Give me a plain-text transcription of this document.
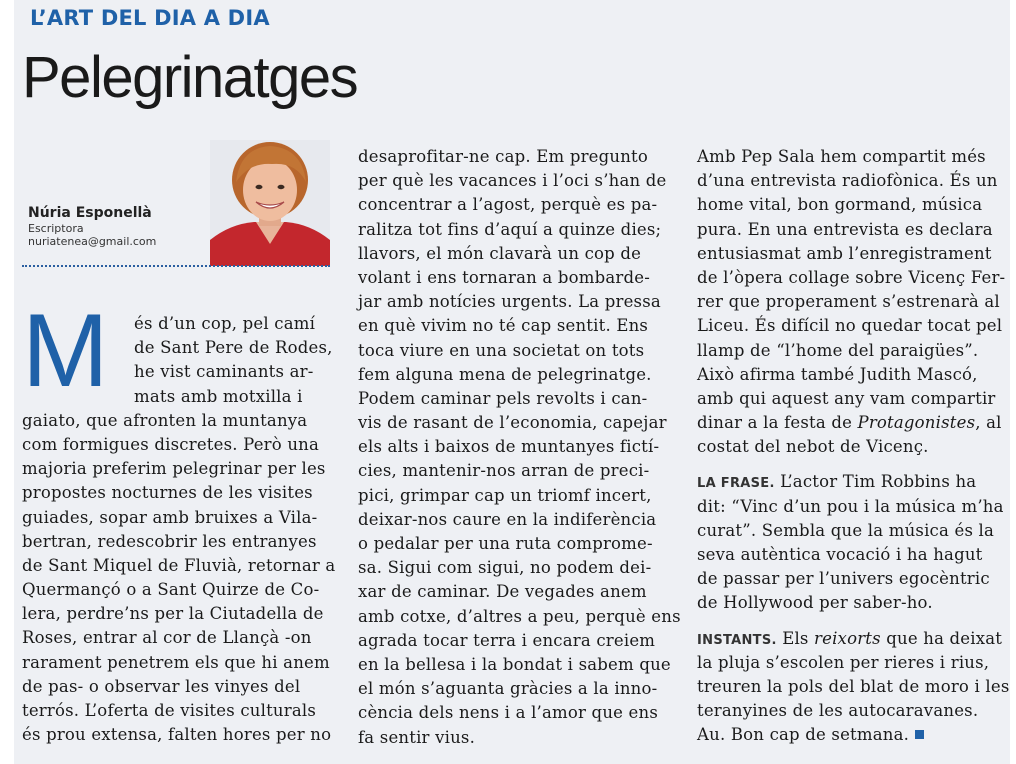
L’ART DEL DIA A DIA
Pelegrinatges
Núria Esponellà
Escriptora
nuriatenea@gmail.com
M	és d’un cop, pel camí
de Sant Pere de Rodes,
he vist caminants ar-
mats amb motxilla i
gaiato, que afronten la muntanya
com formigues discretes. Però una
majoria preferim pelegrinar per les
propostes nocturnes de les visites
guiades, sopar amb bruixes a Vila-
bertran, redescobrir les entranyes
de Sant Miquel de Fluvià, retornar a
Quermançó o a Sant Quirze de Co-
lera, perdre’ns per la Ciutadella de
Roses, entrar al cor de Llançà -on
rarament penetrem els que hi anem
de pas- o observar les vinyes del
terrós. L’oferta de visites culturals
és prou extensa, falten hores per no
desaprofitar-ne cap. Em pregunto
per què les vacances i l’oci s’han de
concentrar a l’agost, perquè es pa-
ralitza tot fins d’aquí a quinze dies;
llavors, el món clavarà un cop de
volant i ens tornaran a bombarde-
jar amb notícies urgents. La pressa
en què vivim no té cap sentit. Ens
toca viure en una societat on tots
fem alguna mena de pelegrinatge.
Podem caminar pels revolts i can-
vis de rasant de l’economia, capejar
els alts i baixos de muntanyes fictí-
cies, mantenir-nos arran de preci-
pici, grimpar cap un triomf incert,
deixar-nos caure en la indiferència
o pedalar per una ruta comprome-
sa. Sigui com sigui, no podem dei-
xar de caminar. De vegades anem
amb cotxe, d’altres a peu, perquè ens
agrada tocar terra i encara creiem
en la bellesa i la bondat i sabem que
el món s’aguanta gràcies a la inno-
cència dels nens i a l’amor que ens
fa sentir vius.
Amb Pep Sala hem compartit més
d’una entrevista radiofònica. És un
home vital, bon gormand, música
pura. En una entrevista es declara
entusiasmat amb l’enregistrament
de l’òpera collage sobre Vicenç Fer-
rer que properament s’estrenarà al
Liceu. És difícil no quedar tocat pel
llamp de “l’home del paraigües”.
Això afirma també Judith Mascó,
amb qui aquest any vam compartir
dinar a la festa de Protagonistes, al
costat del nebot de Vicenç.
LA FRASE. L’actor Tim Robbins ha
dit: “Vinc d’un pou i la música m’ha
curat”. Sembla que la música és la
seva autèntica vocació i ha hagut
de passar per l’univers egocèntric
de Hollywood per saber-ho.
INSTANTS. Els reixorts que ha deixat
la pluja s’escolen per rieres i rius,
treuren la pols del blat de moro i les
teranyines de les autocaravanes.
Au. Bon cap de setmana.
